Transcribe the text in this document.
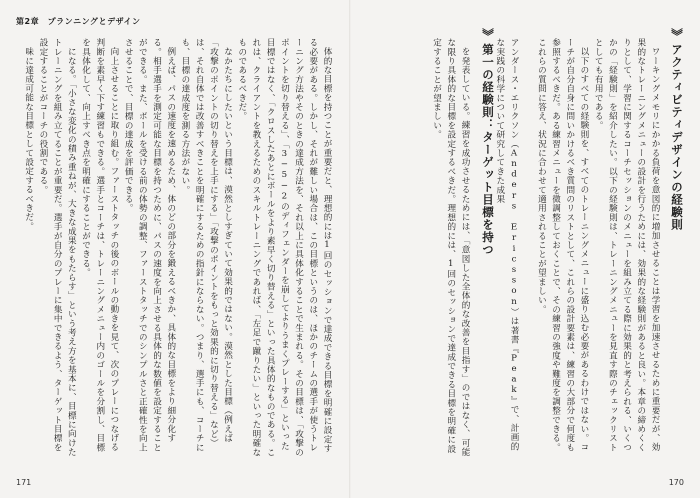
第2章　プランニングとデザイン

体的な目標を持つことが重要だと、理想的には1回のセッションで達成できる目標を明確に設定する必要がある。しかし、それが難しい場合は、この目標というのは、ほかのチームの選手が使うトレーニング方法やそのときの達成方法を、それ以上に具体化することで生まれる。その目標は、「攻撃のポイントを切り替える」、「3−5−2のディフェンダーを崩してよりうまくプレーする」といった目標ではなく、「クロスしたあとにボールをより素早く切り替える」といった具体的なものである。これは、クライアントを教えるためのスキルトレーニングであれば、「左足で蹴りたい」といった明確なものであるべきだ。

なかたちにしたいという目標は、漠然としすぎていて効果的ではない。漠然とした目標（例えば「攻撃のポイントの切り替えを上手にする」「攻撃のポイントをもっと効果的に切り替える」など）は、それ自体では改善すべきことを明確にするための指針にならない。つまり、選手にも、コーチにも、目標の達成度を測る方法がない。

例えば、パスの速度を速めるため、体のどの部分を鍛えるべきか、具体的な目標をより細分化する。相手選手を測定可能な目標を持つために、パスの速度を向上させる具体的な数値を設定することができる。また、ボールを受ける前の体勢の調整、ファーストタッチでのシンプルさと正確性を向上させることで、目標の達成を評価できる。

向上させることに取り組む。ファーストタッチの後のボールの動きを見て、次のプレーにつなげる判断を素早く下す練習もできる。選手とコーチは、トレーニングメニュー内のゴールを分割し、目標を具体化して、向上すべき点を明確にすることができる。

になる。「小さな変化の積み重ねが、大きな成果をもたらす」という考え方を基本に、目標に向けたトレーニングを組み立てることが重要だ。選手が自分のプレーに集中できるよう、ターゲット目標を設定することがコーチの役割である。

味に達成可能な目標として設定するべきだ。

171
》》アクティビティデザインの経験則

ワーキングメモリにかかる負荷を意図的に増加させることは学習を加速させるために重要だが、効果的なトレーニングメニューの設計を行うためには、効果的な経験則があると良い。本章の締めくくりとして、学習に関するコーチセッションのメニューを組み立てる際に効果的と考えられる、いくつかの「経験則」を紹介したい。以下の経験則は、トレーニングメニューを見直す際のチェックリストとしても有用である。

以下のすべての経験則を、すべてのトレーニングメニューに盛り込む必要があるわけではない。コーチが自分自身に問いかけるべき質問のリストとして、これらの設計要素は、練習の大部分で何度も参照するべきだ。ある練習メニューを微調整しておくことで、その練習の強度や難度を調整できる。これらの質問に答え、状況に合わせて適用されることが望ましい。

アンダース・エリクソン（Anders Ericsson）は著書『Peak』で、計画的な実践の科学について研究してきた成果
》》第一の経験則：ターゲット目標を持つ

を発表している。練習を成功させるためには、「意図した全体的な改善を目指す」のではなく、可能な限り具体的な目標を設定するべきだ。理想的には、1回のセッションで達成できる目標を明確に設定することが望ましい。

170
